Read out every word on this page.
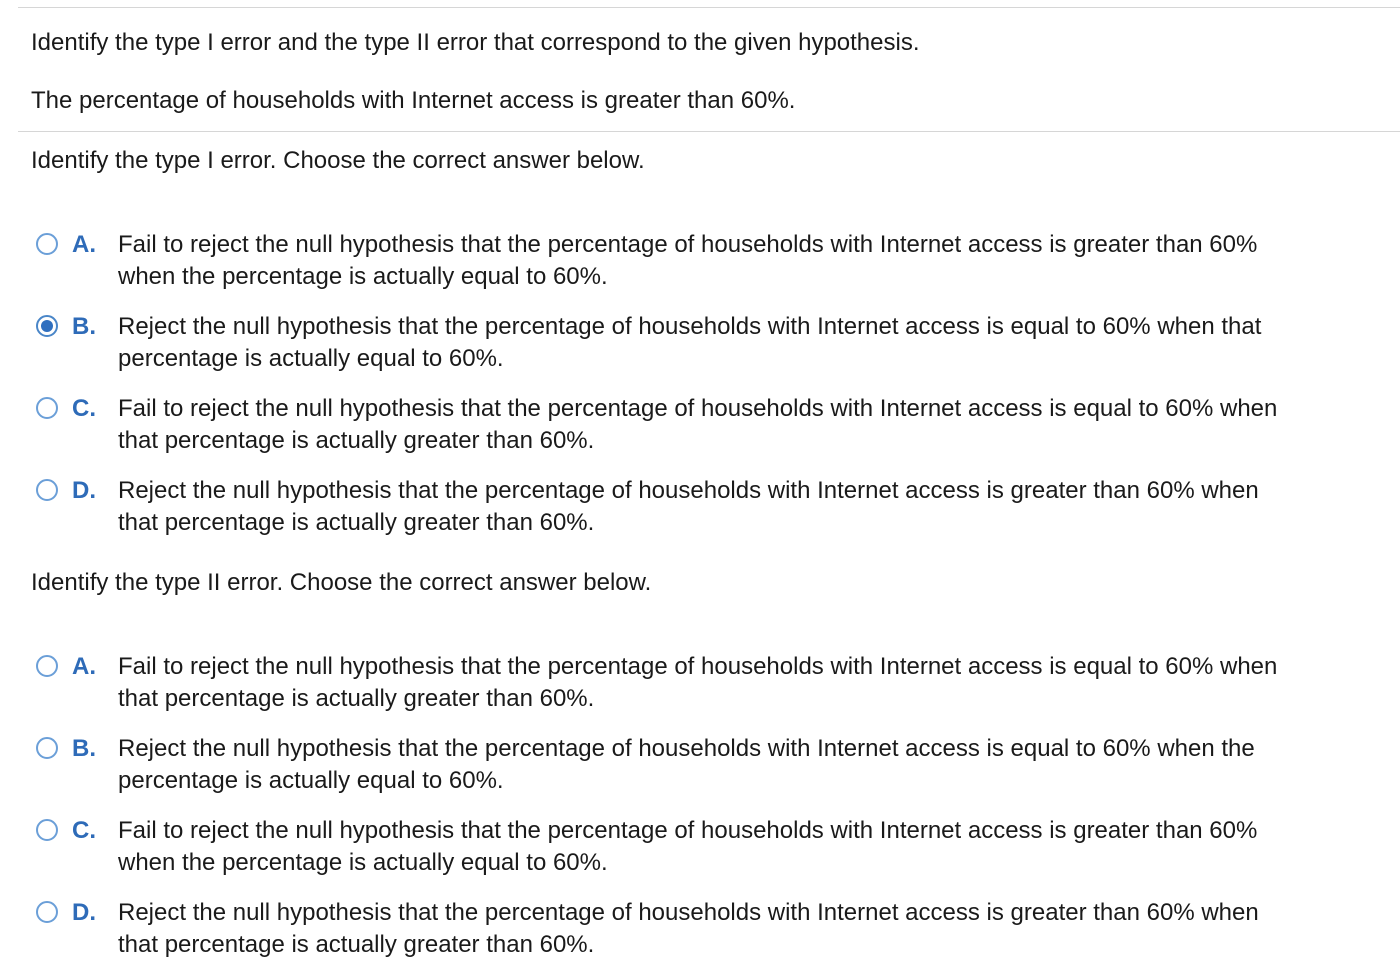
Identify the type I error and the type II error that correspond to the given hypothesis.
The percentage of households with Internet access is greater than 60%.
Identify the type I error. Choose the correct answer below.
A. Fail to reject the null hypothesis that the percentage of households with Internet access is greater than 60%
when the percentage is actually equal to 60%.
B. Reject the null hypothesis that the percentage of households with Internet access is equal to 60% when that
percentage is actually equal to 60%.
C. Fail to reject the null hypothesis that the percentage of households with Internet access is equal to 60% when
that percentage is actually greater than 60%.
D. Reject the null hypothesis that the percentage of households with Internet access is greater than 60% when
that percentage is actually greater than 60%.
Identify the type II error. Choose the correct answer below.
A. Fail to reject the null hypothesis that the percentage of households with Internet access is equal to 60% when
that percentage is actually greater than 60%.
B. Reject the null hypothesis that the percentage of households with Internet access is equal to 60% when the
percentage is actually equal to 60%.
C. Fail to reject the null hypothesis that the percentage of households with Internet access is greater than 60%
when the percentage is actually equal to 60%.
D. Reject the null hypothesis that the percentage of households with Internet access is greater than 60% when
that percentage is actually greater than 60%.
